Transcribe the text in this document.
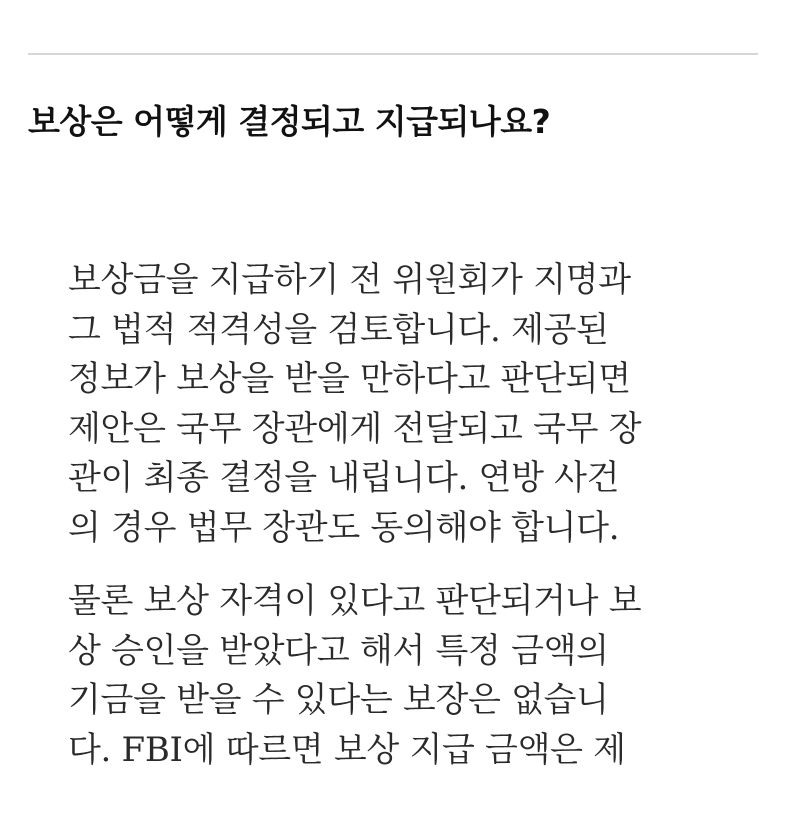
보상은 어떻게 결정되고 지급되나요?

보상금을 지급하기 전 위원회가 지명과
그 법적 적격성을 검토합니다. 제공된
정보가 보상을 받을 만하다고 판단되면
제안은 국무 장관에게 전달되고 국무 장
관이 최종 결정을 내립니다. 연방 사건
의 경우 법무 장관도 동의해야 합니다.

물론 보상 자격이 있다고 판단되거나 보
상 승인을 받았다고 해서 특정 금액의
기금을 받을 수 있다는 보장은 없습니
다. FBI에 따르면 보상 지급 금액은 제
